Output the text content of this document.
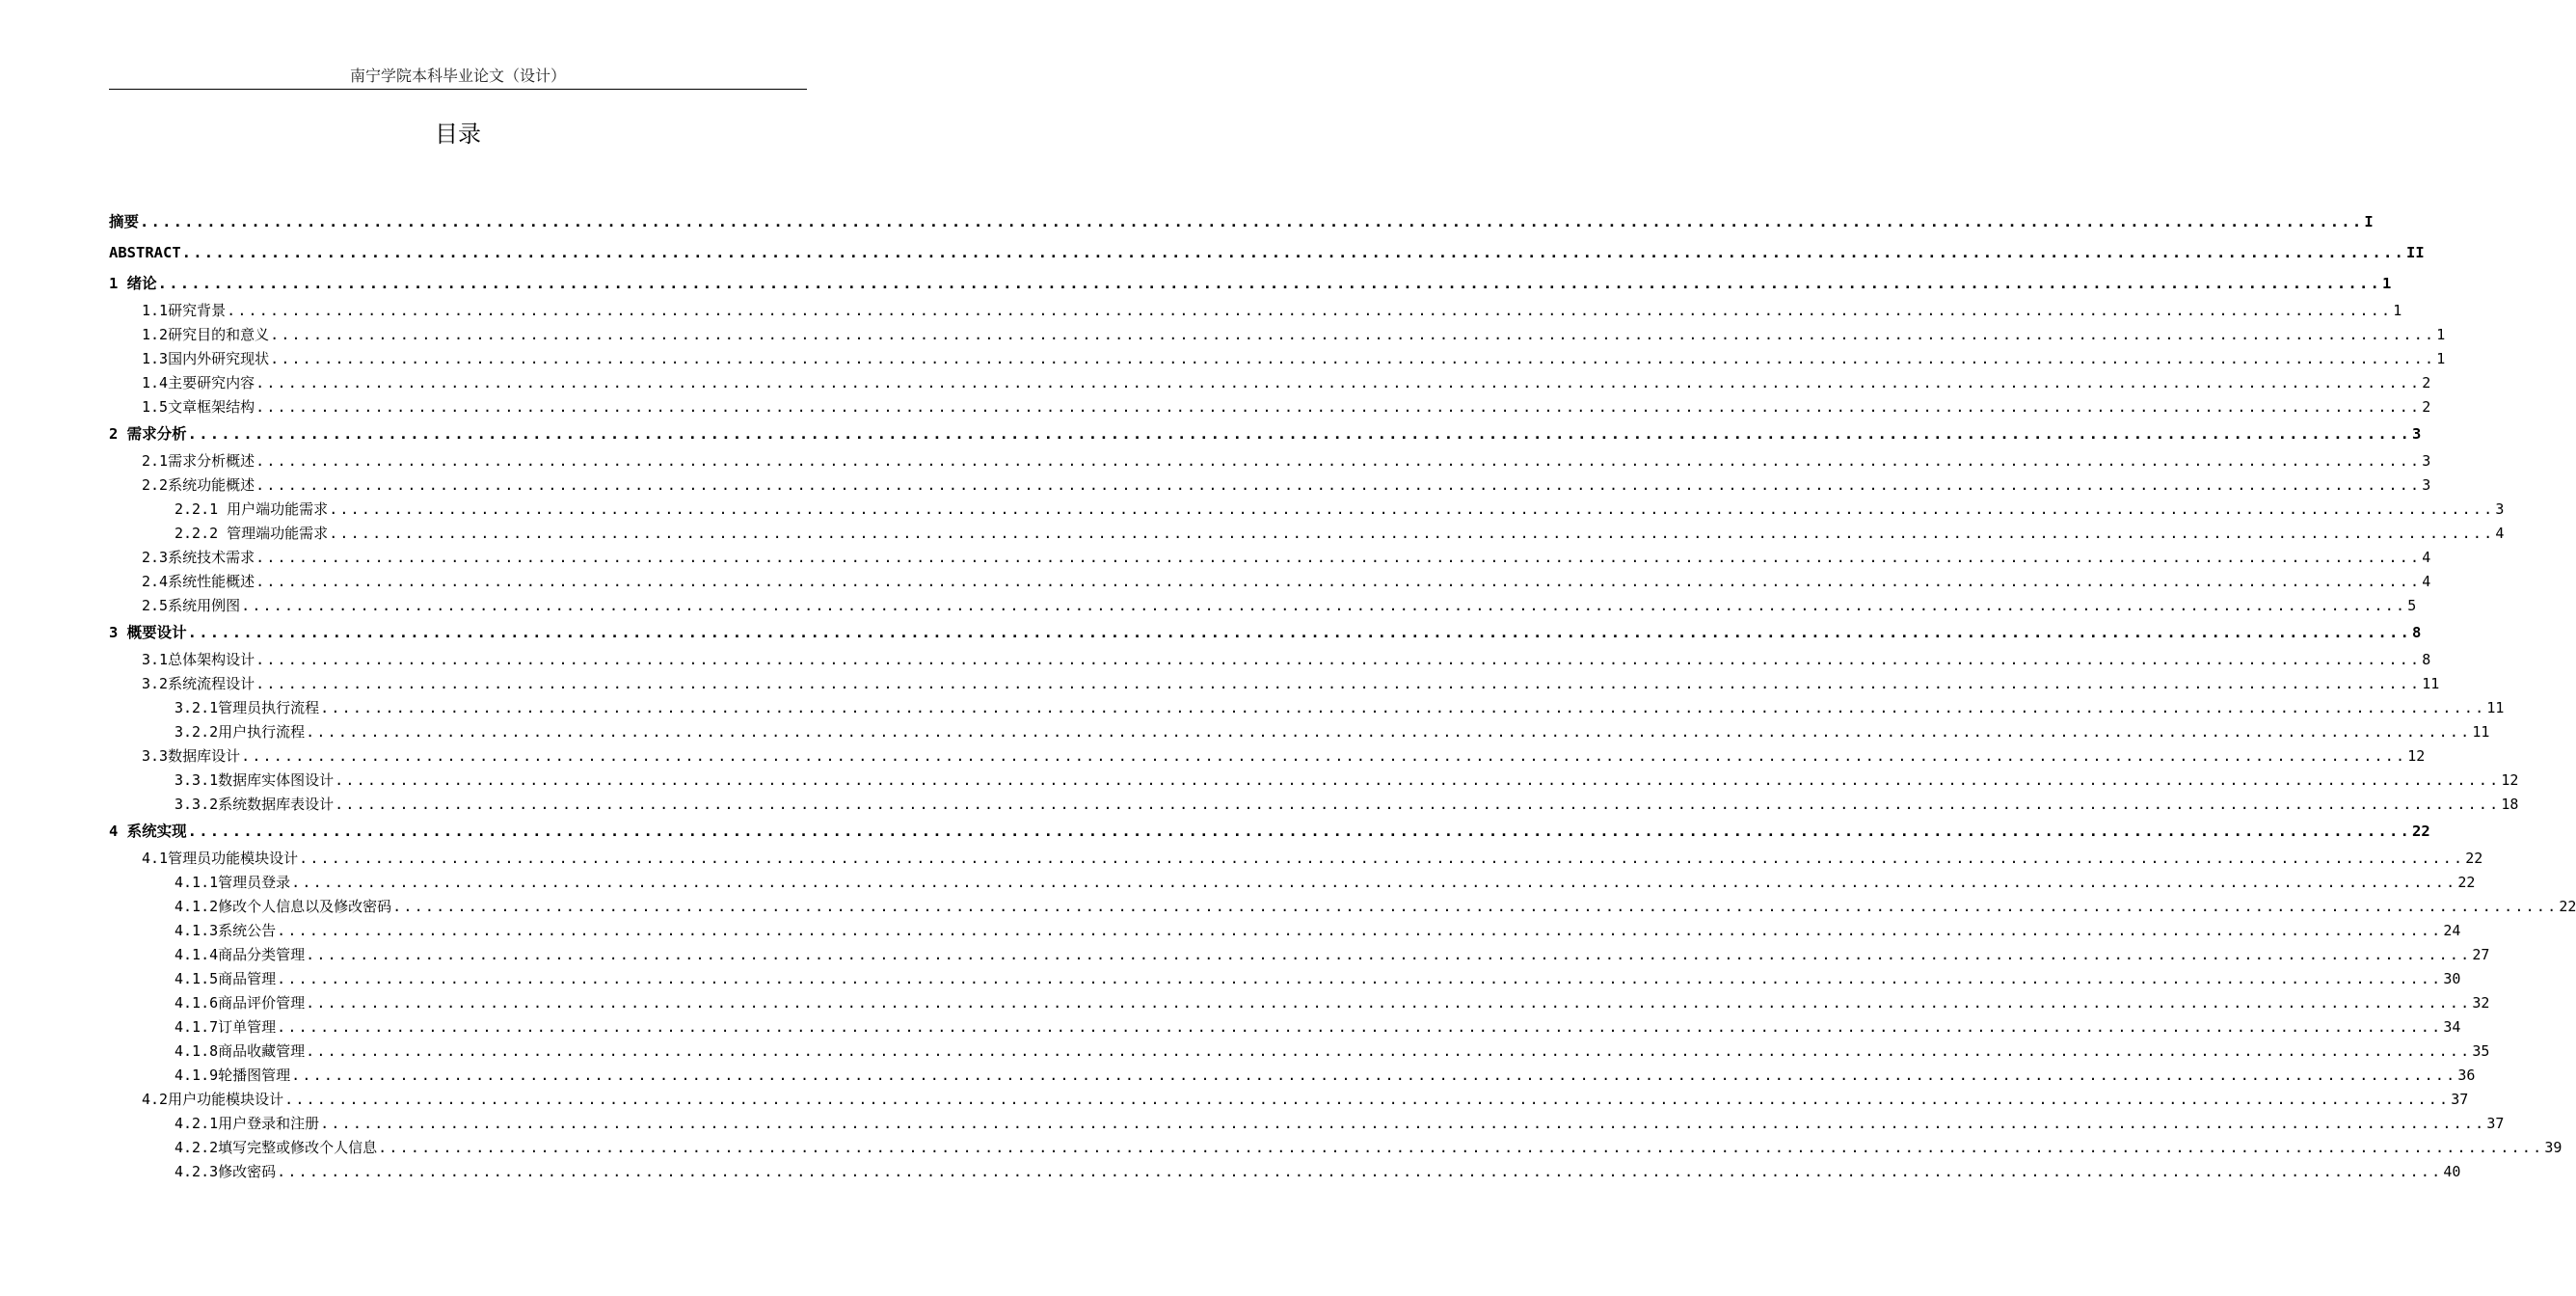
南宁学院本科毕业论文（设计）
目录
摘要 ........................................................................................................................................................................................................ I
ABSTRACT ........................................................................................................................................................................................................ II
1 绪论 ........................................................................................................................................................................................................ 1
1.1研究背景 ........................................................................................................................................................................................................ 1
1.2研究目的和意义 ........................................................................................................................................................................................................ 1
1.3国内外研究现状 ........................................................................................................................................................................................................ 1
1.4主要研究内容 ........................................................................................................................................................................................................ 2
1.5文章框架结构 ........................................................................................................................................................................................................ 2
2 需求分析 ........................................................................................................................................................................................................ 3
2.1需求分析概述 ........................................................................................................................................................................................................ 3
2.2系统功能概述 ........................................................................................................................................................................................................ 3
2.2.1 用户端功能需求 ........................................................................................................................................................................................................ 3
2.2.2 管理端功能需求 ........................................................................................................................................................................................................ 4
2.3系统技术需求 ........................................................................................................................................................................................................ 4
2.4系统性能概述 ........................................................................................................................................................................................................ 4
2.5系统用例图 ........................................................................................................................................................................................................ 5
3 概要设计 ........................................................................................................................................................................................................ 8
3.1总体架构设计 ........................................................................................................................................................................................................ 8
3.2系统流程设计 ........................................................................................................................................................................................................ 11
3.2.1管理员执行流程 ........................................................................................................................................................................................................ 11
3.2.2用户执行流程 ........................................................................................................................................................................................................ 11
3.3数据库设计 ........................................................................................................................................................................................................ 12
3.3.1数据库实体图设计 ........................................................................................................................................................................................................ 12
3.3.2系统数据库表设计 ........................................................................................................................................................................................................ 18
4 系统实现 ........................................................................................................................................................................................................ 22
4.1管理员功能模块设计 ........................................................................................................................................................................................................ 22
4.1.1管理员登录 ........................................................................................................................................................................................................ 22
4.1.2修改个人信息以及修改密码 ........................................................................................................................................................................................................ 22
4.1.3系统公告 ........................................................................................................................................................................................................ 24
4.1.4商品分类管理 ........................................................................................................................................................................................................ 27
4.1.5商品管理 ........................................................................................................................................................................................................ 30
4.1.6商品评价管理 ........................................................................................................................................................................................................ 32
4.1.7订单管理 ........................................................................................................................................................................................................ 34
4.1.8商品收藏管理 ........................................................................................................................................................................................................ 35
4.1.9轮播图管理 ........................................................................................................................................................................................................ 36
4.2用户功能模块设计 ........................................................................................................................................................................................................ 37
4.2.1用户登录和注册 ........................................................................................................................................................................................................ 37
4.2.2填写完整或修改个人信息 ........................................................................................................................................................................................................ 39
4.2.3修改密码 ........................................................................................................................................................................................................ 40
